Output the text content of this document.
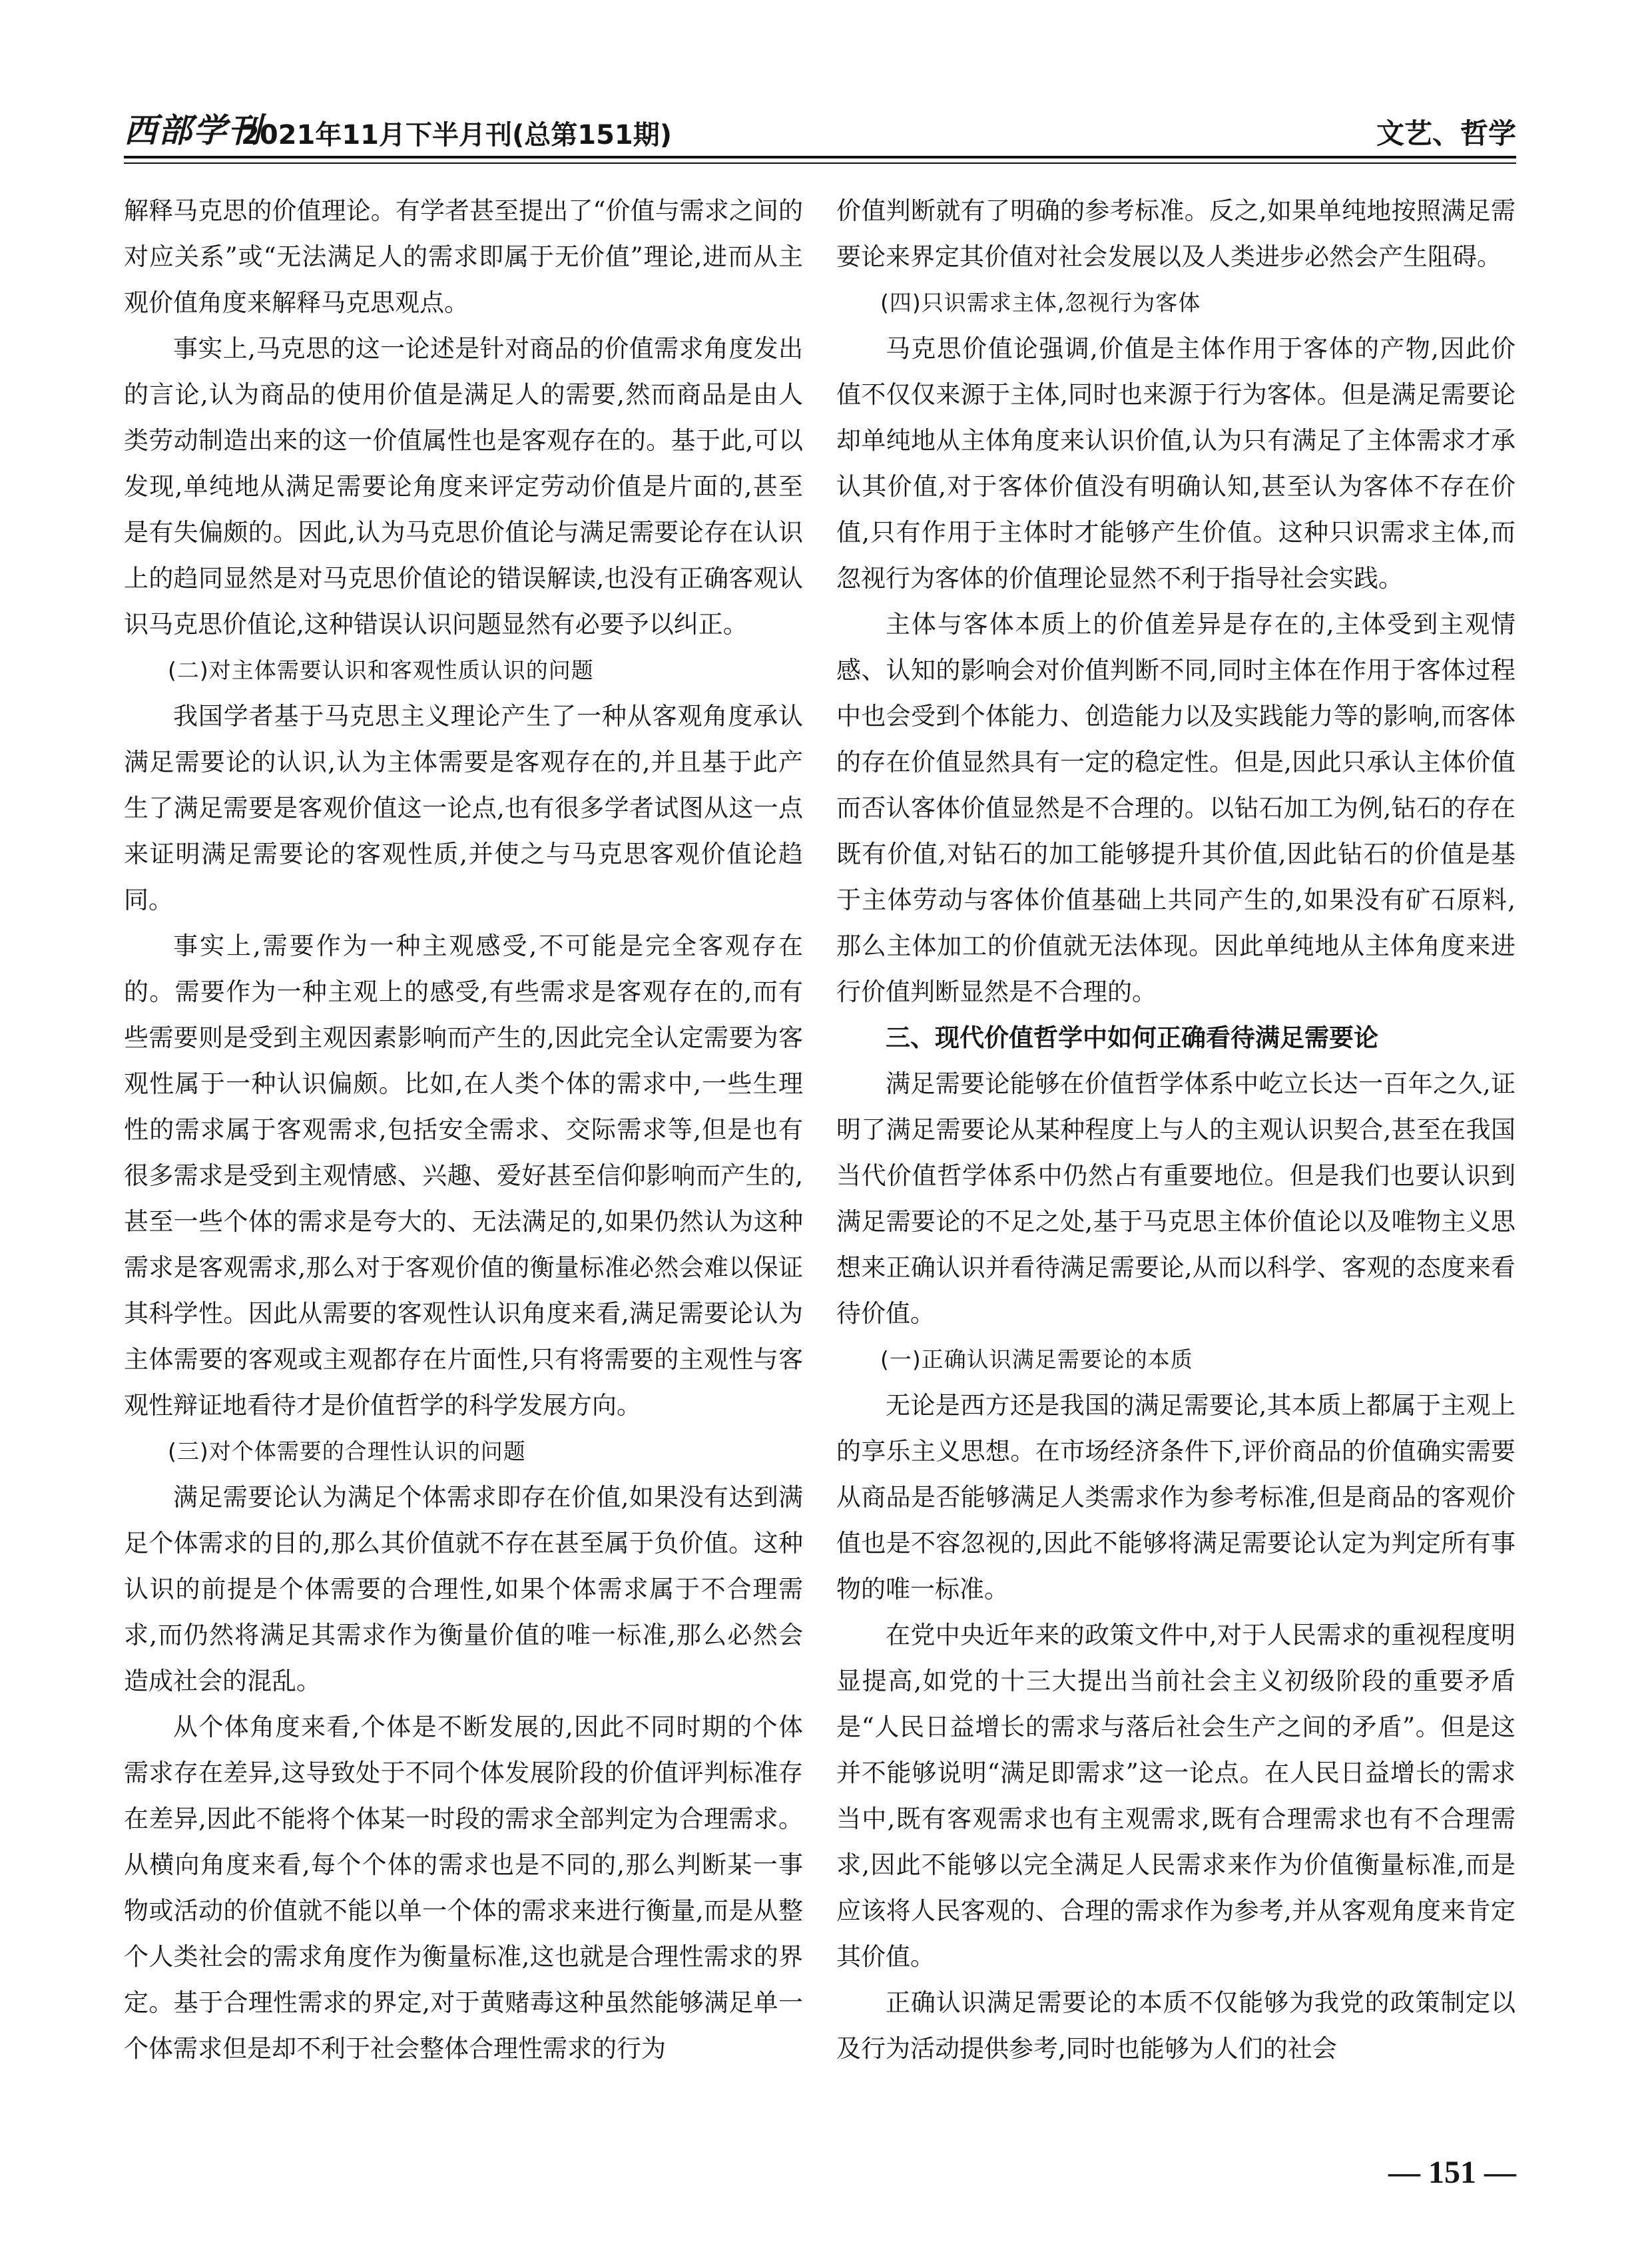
西部学刊
2021年11月下半月刊(总第151期)	文艺、哲学

解释马克思的价值理论。有学者甚至提出了“价值与需求之间的对应关系”或“无法满足人的需求即属于无价值”理论,进而从主观价值角度来解释马克思观点。

事实上,马克思的这一论述是针对商品的价值需求角度发出的言论,认为商品的使用价值是满足人的需要,然而商品是由人类劳动制造出来的这一价值属性也是客观存在的。基于此,可以发现,单纯地从满足需要论角度来评定劳动价值是片面的,甚至是有失偏颇的。因此,认为马克思价值论与满足需要论存在认识上的趋同显然是对马克思价值论的错误解读,也没有正确客观认识马克思价值论,这种错误认识问题显然有必要予以纠正。

(二)对主体需要认识和客观性质认识的问题

我国学者基于马克思主义理论产生了一种从客观角度承认满足需要论的认识,认为主体需要是客观存在的,并且基于此产生了满足需要是客观价值这一论点,也有很多学者试图从这一点来证明满足需要论的客观性质,并使之与马克思客观价值论趋同。

事实上,需要作为一种主观感受,不可能是完全客观存在的。需要作为一种主观上的感受,有些需求是客观存在的,而有些需要则是受到主观因素影响而产生的,因此完全认定需要为客观性属于一种认识偏颇。比如,在人类个体的需求中,一些生理性的需求属于客观需求,包括安全需求、交际需求等,但是也有很多需求是受到主观情感、兴趣、爱好甚至信仰影响而产生的,甚至一些个体的需求是夸大的、无法满足的,如果仍然认为这种需求是客观需求,那么对于客观价值的衡量标准必然会难以保证其科学性。因此从需要的客观性认识角度来看,满足需要论认为主体需要的客观或主观都存在片面性,只有将需要的主观性与客观性辩证地看待才是价值哲学的科学发展方向。

(三)对个体需要的合理性认识的问题

满足需要论认为满足个体需求即存在价值,如果没有达到满足个体需求的目的,那么其价值就不存在甚至属于负价值。这种认识的前提是个体需要的合理性,如果个体需求属于不合理需求,而仍然将满足其需求作为衡量价值的唯一标准,那么必然会造成社会的混乱。

从个体角度来看,个体是不断发展的,因此不同时期的个体需求存在差异,这导致处于不同个体发展阶段的价值评判标准存在差异,因此不能将个体某一时段的需求全部判定为合理需求。从横向角度来看,每个个体的需求也是不同的,那么判断某一事物或活动的价值就不能以单一个体的需求来进行衡量,而是从整个人类社会的需求角度作为衡量标准,这也就是合理性需求的界定。基于合理性需求的界定,对于黄赌毒这种虽然能够满足单一个体需求但是却不利于社会整体合理性需求的行为

价值判断就有了明确的参考标准。反之,如果单纯地按照满足需要论来界定其价值对社会发展以及人类进步必然会产生阻碍。

(四)只识需求主体,忽视行为客体

马克思价值论强调,价值是主体作用于客体的产物,因此价值不仅仅来源于主体,同时也来源于行为客体。但是满足需要论却单纯地从主体角度来认识价值,认为只有满足了主体需求才承认其价值,对于客体价值没有明确认知,甚至认为客体不存在价值,只有作用于主体时才能够产生价值。这种只识需求主体,而忽视行为客体的价值理论显然不利于指导社会实践。

主体与客体本质上的价值差异是存在的,主体受到主观情感、认知的影响会对价值判断不同,同时主体在作用于客体过程中也会受到个体能力、创造能力以及实践能力等的影响,而客体的存在价值显然具有一定的稳定性。但是,因此只承认主体价值而否认客体价值显然是不合理的。以钻石加工为例,钻石的存在既有价值,对钻石的加工能够提升其价值,因此钻石的价值是基于主体劳动与客体价值基础上共同产生的,如果没有矿石原料,那么主体加工的价值就无法体现。因此单纯地从主体角度来进行价值判断显然是不合理的。

三、现代价值哲学中如何正确看待满足需要论

满足需要论能够在价值哲学体系中屹立长达一百年之久,证明了满足需要论从某种程度上与人的主观认识契合,甚至在我国当代价值哲学体系中仍然占有重要地位。但是我们也要认识到满足需要论的不足之处,基于马克思主体价值论以及唯物主义思想来正确认识并看待满足需要论,从而以科学、客观的态度来看待价值。

(一)正确认识满足需要论的本质

无论是西方还是我国的满足需要论,其本质上都属于主观上的享乐主义思想。在市场经济条件下,评价商品的价值确实需要从商品是否能够满足人类需求作为参考标准,但是商品的客观价值也是不容忽视的,因此不能够将满足需要论认定为判定所有事物的唯一标准。

在党中央近年来的政策文件中,对于人民需求的重视程度明显提高,如党的十三大提出当前社会主义初级阶段的重要矛盾是“人民日益增长的需求与落后社会生产之间的矛盾”。但是这并不能够说明“满足即需求”这一论点。在人民日益增长的需求当中,既有客观需求也有主观需求,既有合理需求也有不合理需求,因此不能够以完全满足人民需求来作为价值衡量标准,而是应该将人民客观的、合理的需求作为参考,并从客观角度来肯定其价值。

正确认识满足需要论的本质不仅能够为我党的政策制定以及行为活动提供参考,同时也能够为人们的社会

— 151 —
